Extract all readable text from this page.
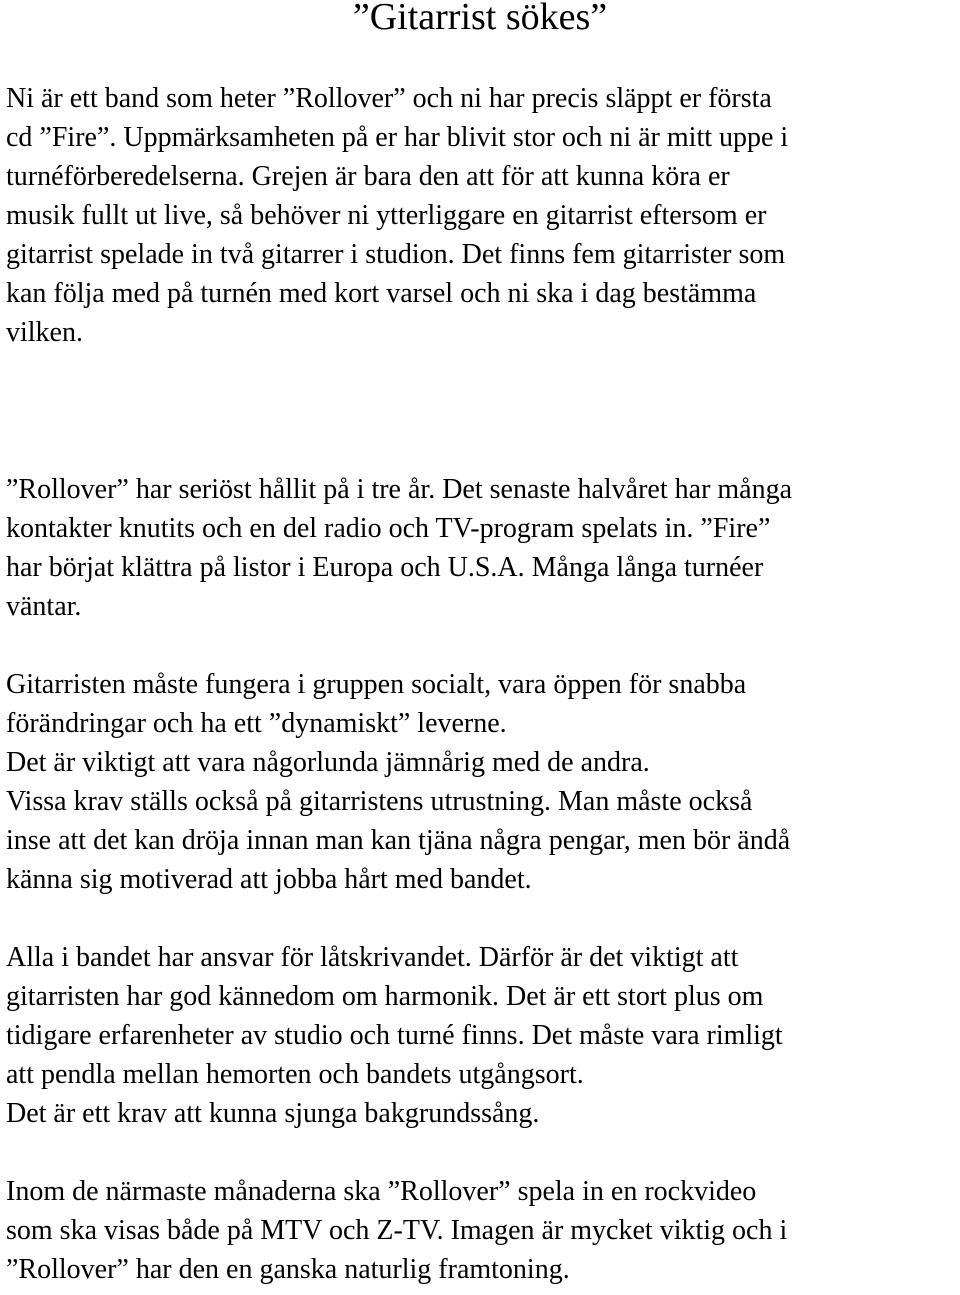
”Gitarrist sökes”

Ni är ett band som heter ”Rollover” och ni har precis släppt er första

cd ”Fire”. Uppmärksamheten på er har blivit stor och ni är mitt uppe i

turnéförberedelserna. Grejen är bara den att för att kunna köra er

musik fullt ut live, så behöver ni ytterliggare en gitarrist eftersom er

gitarrist spelade in två gitarrer i studion. Det finns fem gitarrister som

kan följa med på turnén med kort varsel och ni ska i dag bestämma

vilken.

”Rollover” har seriöst hållit på i tre år. Det senaste halvåret har många

kontakter knutits och en del radio och TV-program spelats in. ”Fire”

har börjat klättra på listor i Europa och U.S.A. Många långa turnéer

väntar.

Gitarristen måste fungera i gruppen socialt, vara öppen för snabba

förändringar och ha ett ”dynamiskt” leverne.

Det är viktigt att vara någorlunda jämnårig med de andra.

Vissa krav ställs också på gitarristens utrustning. Man måste också

inse att det kan dröja innan man kan tjäna några pengar, men bör ändå

känna sig motiverad att jobba hårt med bandet.

Alla i bandet har ansvar för låtskrivandet. Därför är det viktigt att

gitarristen har god kännedom om harmonik. Det är ett stort plus om

tidigare erfarenheter av studio och turné finns. Det måste vara rimligt

att pendla mellan hemorten och bandets utgångsort.

Det är ett krav att kunna sjunga bakgrundssång.

Inom de närmaste månaderna ska ”Rollover” spela in en rockvideo

som ska visas både på MTV och Z-TV. Imagen är mycket viktig och i

”Rollover” har den en ganska naturlig framtoning.
